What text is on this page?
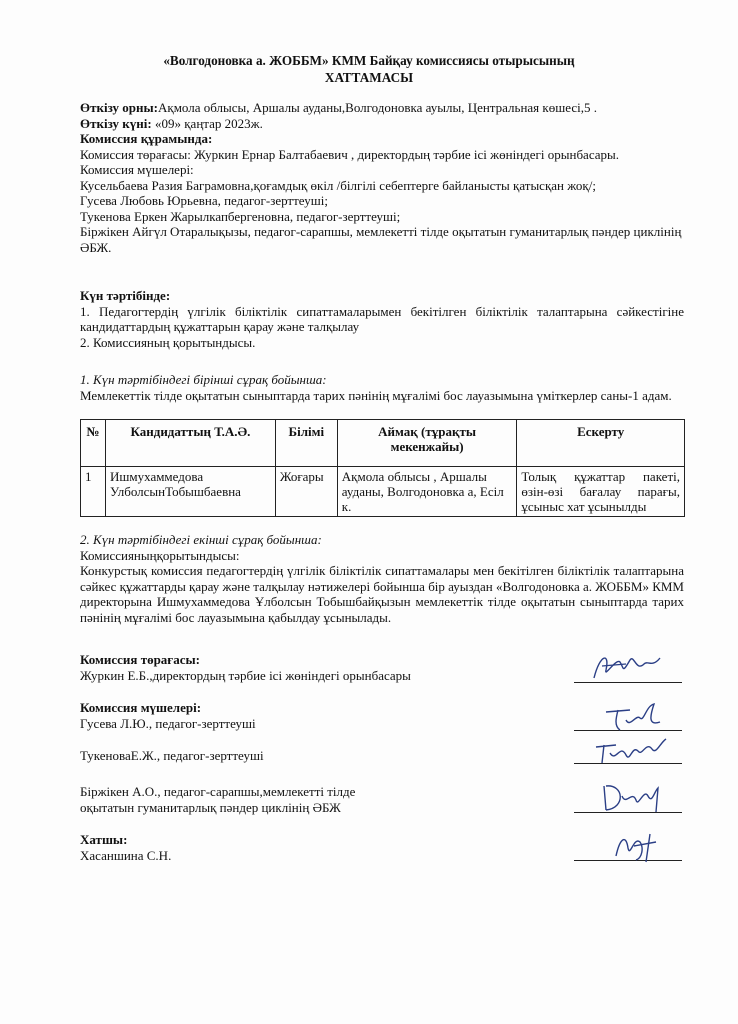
«Волгодоновка а. ЖОББМ» КММ Байқау комиссиясы отырысының
ХАТТАМАСЫ

Өткізу орны:Ақмола облысы, Аршалы ауданы,Волгодоновка ауылы, Центральная көшесі,5 .

Өткізу күні: «09» қаңтар 2023ж.

Комиссия құрамында:

Комиссия төрағасы: Журкин Ернар Балтабаевич , директордың тәрбие ісі жөніндегі орынбасары.

Комиссия мүшелері:

Кусельбаева Разия Баграмовна,қоғамдық өкіл /білгілі себептерге байланысты қатысқан жоқ/;

Гусева Любовь Юрьевна, педагог-зерттеуші;

Тукенова Еркен Жарылкапбергеновна, педагог-зерттеуші;

Біржікен Айгүл Отаралықызы, педагог-сарапшы, мемлекетті тілде оқытатын гуманитарлық пәндер циклінің ӘБЖ.

Күн тәртібінде:

1. Педагогтердің үлгілік біліктілік сипаттамаларымен бекітілген біліктілік талаптарына сәйкестігіне кандидаттардың құжаттарын қарау және талқылау

2. Комиссияның қорытындысы.

1. Күн тәртібіндегі бірінші сұрақ бойынша:

Мемлекеттік тілде оқытатын сыныптарда тарих пәнінің мұғалімі бос лауазымына үміткерлер саны-1 адам.

№	Кандидаттың Т.А.Ә.	Білімі	Аймақ (тұрақты мекенжайы)	Ескерту
1	Ишмухаммедова УлболсынТобышбаевна	Жоғары	Ақмола облысы , Аршалы ауданы, Волгодоновка а, Есіл к.	Толық құжаттар пакеті, өзін-өзі бағалау парағы, ұсыныс хат ұсынылды

2. Күн тәртібіндегі екінші сұрақ бойынша:

Комиссияныңқорытындысы:

Конкурстық комиссия педагогтердің үлгілік біліктілік сипаттамалары мен бекітілген біліктілік талаптарына сәйкес құжаттарды қарау және талқылау нәтижелері бойынша бір ауыздан «Волгодоновка а. ЖОББМ» КММ директорына Ишмухаммедова Ұлболсын Тобышбайқызын мемлекеттік тілде оқытатын сыныптарда тарих пәнінің мұғалімі бос лауазымына қабылдау ұсынылады.

Комиссия төрағасы:

Журкин Е.Б.,директордың тәрбие ісі жөніндегі орынбасары

Комиссия мүшелері:

Гусева Л.Ю., педагог-зерттеуші

ТукеноваЕ.Ж., педагог-зерттеуші

Біржікен А.О., педагог-сарапшы,мемлекетті тілде

оқытатын гуманитарлық пәндер циклінің ӘБЖ

Хатшы:

Хасаншина С.Н.
